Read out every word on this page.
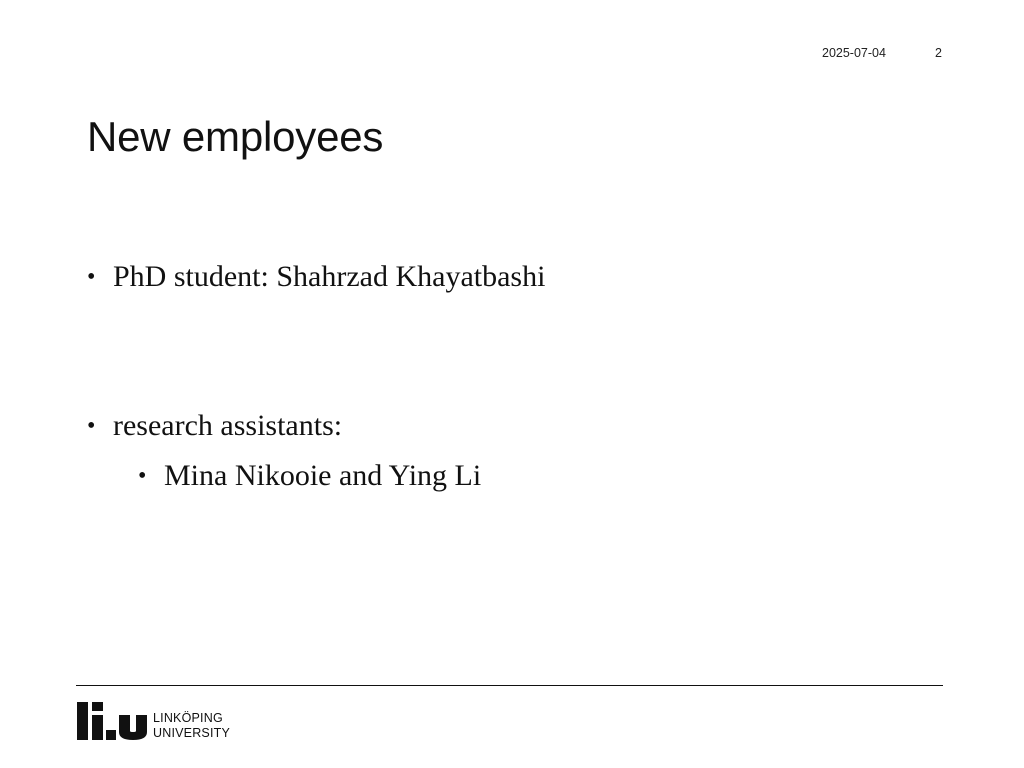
2025-07-04	2
New employees
• PhD student: Shahrzad Khayatbashi
• research assistants:
• Mina Nikooie and Ying Li
LINKÖPING
UNIVERSITY
